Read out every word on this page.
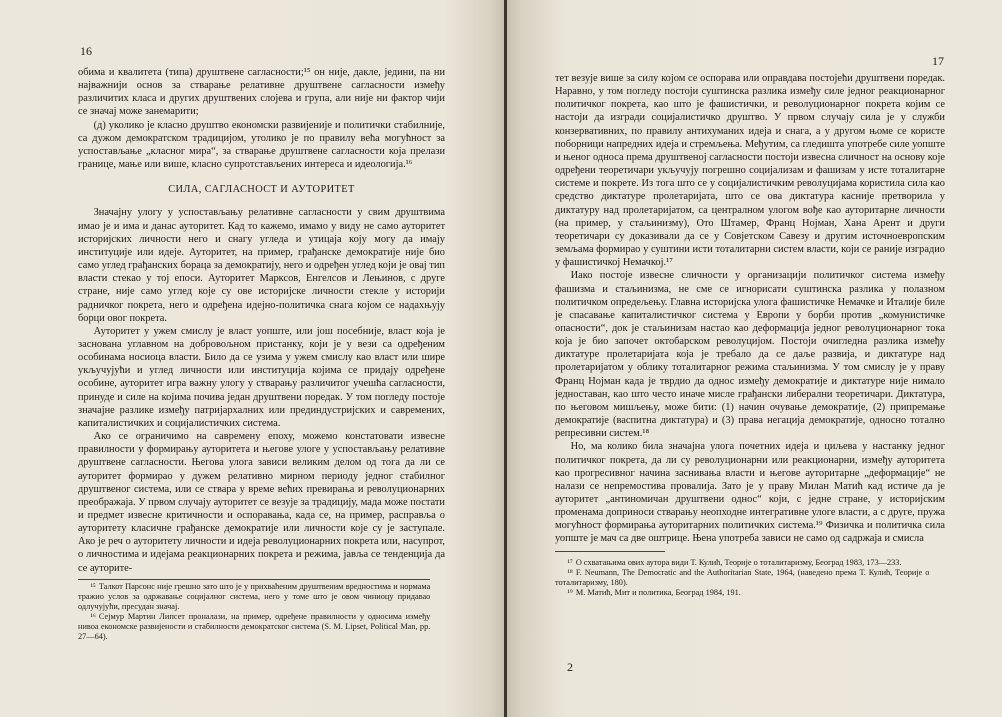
16

обима и квалитета (типа) друштвене сагласности;¹⁵ он није, дакле, једини, па ни најважнији основ за стварање релативне друштвене сагласности између различитих класа и других друштвених слојева и група, али није ни фактор чији се значај може занемарити;

(д) уколико је класно друштво економски развијеније и политички стабилније, са дужом демократском традицијом, утолико је по правилу већа могућност за успостављање „класног мира“, за стварање друштвене сагласности која прелази границе, мање или више, класно супротстављених интереса и идеологија.¹⁶

СИЛА, САГЛАСНОСТ И АУТОРИТЕТ

Значајну улогу у успостављању релативне сагласности у свим друштвима имао је и има и данас ауторитет. Кад то кажемо, имамо у виду не само ауторитет историјских личности него и снагу угледа и утицаја коју могу да имају институције или идеје. Ауторитет, на пример, грађанске демократије није био само углед грађанских бораца за демократију, него и одређен углед који је овај тип власти стекао у тој епоси. Ауторитет Марксов, Енгелсов и Лењинов, с друге стране, није само углед које су ове историјске личности стекле у историји радничког покрета, него и одређена идејно-политичка снага којом се надахњују борци овог покрета.

Ауторитет у ужем смислу је власт уопште, или још посебније, власт која је заснована углавном на добровољном пристанку, који је у вези са одређеним особинама носиоца власти. Било да се узима у ужем смислу као власт или шире укључујући и углед личности или институција којима се придају одређене особине, ауторитет игра важну улогу у стварању различитог учешћа сагласности, принуде и силе на којима почива један друштвени поредак. У том погледу постоје значајне разлике између патријархалних или прединдустријских и савремених, капиталистичких и социјалистичких система.

Ако се ограничимо на савремену епоху, можемо констатовати извесне правилности у формирању ауторитета и његове улоге у успостављању релативне друштвене сагласности. Његова улога зависи великим делом од тога да ли се ауторитет формирао у дужем релативно мирном периоду једног стабилног друштвеног система, или се ствара у време већих превирања и револуционарних преображаја. У првом случају ауторитет се везује за традицију, мада може постати и предмет извесне критичности и оспоравања, када се, на пример, расправља о ауторитету класичне грађанске демократије или личности које су је заступале. Ако је реч о ауторитету личности и идеја револуционарних покрета или, насупрот, о личностима и идејама реакционарних покрета и режима, јавља се тенденција да се ауторите-

¹⁵ Талкот Парсонс није грешно зато што је у прихваћеним друштвеним вредностима и нормама тражио услов за одржавање социјалног система, него у томе што је овом чиниоцу придавао одлучујући, пресудан значај.

¹⁶ Сејмур Мартин Липсет проналази, на пример, одређене правилности у односима између нивоа економске развијености и стабилности демократског система (S. M. Lipset, Political Man, pp. 27—64).

17

тет везује више за силу којом се оспорава или оправдава постојећи друштвени поредак. Наравно, у том погледу постоји суштинска разлика између силе једног реакционарног политичког покрета, као што је фашистички, и револуционарног покрета којим се настоји да изгради социјалистичко друштво. У првом случају сила је у служби конзервативних, по правилу антихуманих идеја и снага, а у другом њоме се користе поборници напредних идеја и стремљења. Међутим, са гледишта употребе силе уопште и њеног односа према друштвеној сагласности постоји извесна сличност на основу које одређени теоретичари укључују погрешно социјализам и фашизам у исте тоталитарне системе и покрете. Из тога што се у социјалистичким револуцијама користила сила као средство диктатуре пролетаријата, што се ова диктатура касније претворила у диктатуру над пролетаријатом, са централном улогом вође као ауторитарне личности (на пример, у стаљинизму), Ото Штамер, Франц Нојман, Хана Арент и други теоретичари су доказивали да се у Совјетском Савезу и другим источноевропским земљама формирао у суштини исти тоталитарни систем власти, који се раније изградио у фашистичкој Немачкој.¹⁷

Иако постоје извесне сличности у организацији политичког система између фашизма и стаљинизма, не сме се игнорисати суштинска разлика у полазном политичком опредељењу. Главна историјска улога фашистичке Немачке и Италије биле је спасавање капиталистичког система у Европи у борби против „комунистичке опасности“, док је стаљинизам настао као деформација једног револуционарног тока која је био започет октобарском револуцијом. Постоји очигледна разлика између диктатуре пролетаријата која је требало да се даље развија, и диктатуре над пролетаријатом у облику тоталитарног режима стаљинизма. У том смислу је у праву Франц Нојман када је тврдио да однос између демократије и диктатуре није нимало једноставан, као што често иначе мисле грађански либерални теоретичари. Диктатура, по његовом мишљењу, може бити: (1) начин очување демократије, (2) припремање демократије (васпитна диктатура) и (3) права негација демократије, односно тотално репресивни систем.¹⁸

Но, ма колико била значајна улога почетних идеја и циљева у настанку једног политичког покрета, да ли су револуционарни или реакционарни, између ауторитета као прогресивног начина заснивања власти и његове ауторитарне „деформације“ не налази се непремостива провалија. Зато је у праву Милан Матић кад истиче да је ауторитет „антиномичан друштвени однос“ који, с једне стране, у историјским променама доприноси стварању неопходне интегративне улоге власти, а с друге, пружа могућност формирања ауторитарних политичких система.¹⁹ Физичка и политичка сила уопште је мач са две оштрице. Њена употреба зависи не само од садржаја и смисла

¹⁷ О схватањима ових аутора види Т. Кулић, Теорије о тоталитаризму, Београд 1983, 173—233.

¹⁸ F. Neumann, The Democratic and the Authoritarian State, 1964, (наведено према Т. Кулић, Теорије о тоталитаризму, 180).

¹⁹ М. Матић, Мит и политика, Београд 1984, 191.

2
